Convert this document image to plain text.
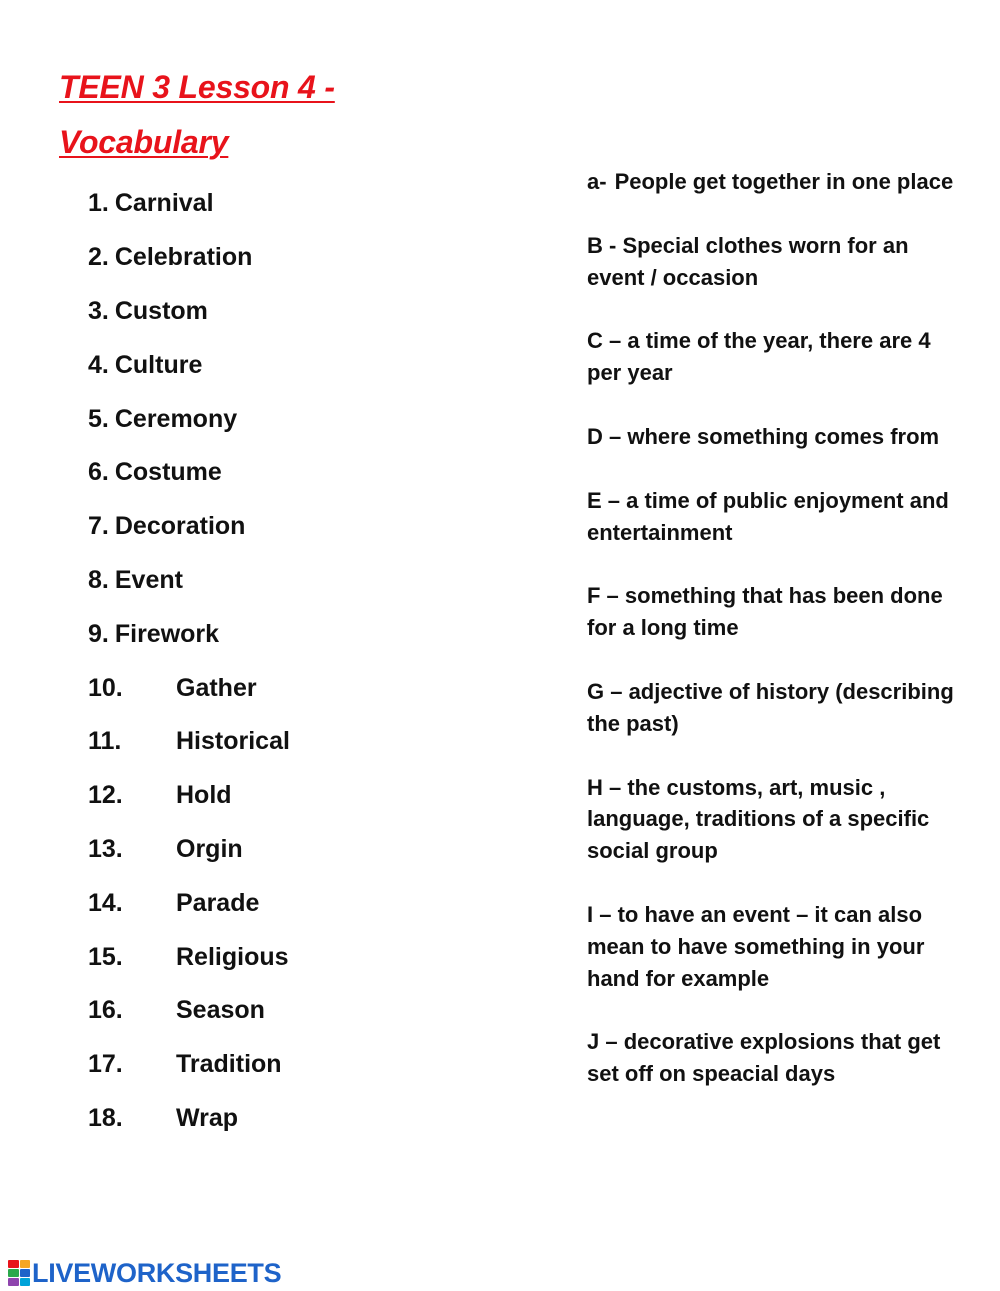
TEEN 3 Lesson 4 -
Vocabulary
1. Carnival
2. Celebration
3. Custom
4. Culture
5. Ceremony
6. Costume
7. Decoration
8. Event
9. Firework
10.	Gather
11.	Historical
12.	Hold
13.	Orgin
14.	Parade
15.	Religious
16.	Season
17.	Tradition
18.	Wrap
a- People get together in one place
B - Special clothes worn for an event / occasion
C – a time of the year, there are 4 per year
D – where something comes from
E – a time of public enjoyment and entertainment
F – something that has been done for a long time
G – adjective of history (describing the past)
H – the customs, art, music , language, traditions of a specific social group
I – to have an event – it can also mean to have something in your hand for example
J – decorative explosions that get set off on speacial days
LIVEWORKSHEETS
